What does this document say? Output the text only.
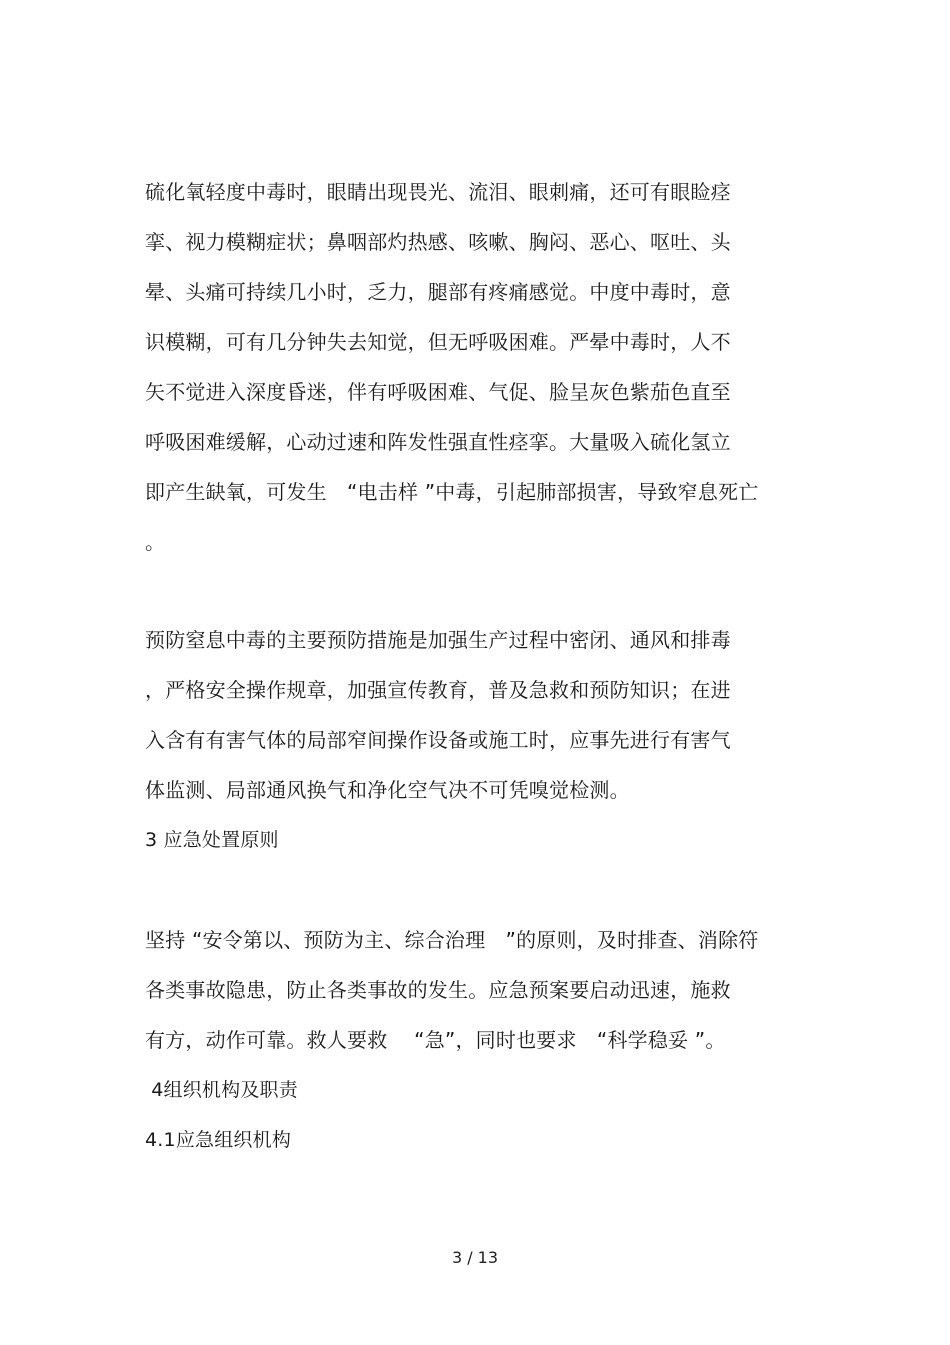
硫化氧轻度中毒时，眼睛出现畏光、流泪、眼刺痛，还可有眼睑痉
挛、视力模糊症状；鼻咽部灼热感、咳嗽、胸闷、恶心、呕吐、头
晕、头痛可持续几小时，乏力，腿部有疼痛感觉。中度中毒时，意
识模糊，可有几分钟失去知觉，但无呼吸困难。严晕中毒时，人不
矢不觉进入深度昏迷，伴有呼吸困难、气促、脸呈灰色紫茄色直至
呼吸困难缓解，心动过速和阵发性强直性痉挛。大量吸入硫化氢立
即产生缺氧，可发生　“电击样 ”中毒，引起肺部损害，导致窄息死亡
。
预防窒息中毒的主要预防措施是加强生产过程中密闭、通风和排毒
，严格安全操作规章，加强宣传教育，普及急救和预防知识；在进
入含有有害气体的局部窄间操作设备或施工时，应事先进行有害气
体监测、局部通风换气和净化空气决不可凭嗅觉检测。
3 应急处置原则
坚持 “安令第以、预防为主、综合治理　”的原则，及时排查、消除符
各类事故隐患，防止各类事故的发生。应急预案要启动迅速，施救
有方，动作可靠。救人要救　 “急”，同时也要求　“科学稳妥 ”。
4组织机构及职责
4.1应急组织机构
3 / 13
